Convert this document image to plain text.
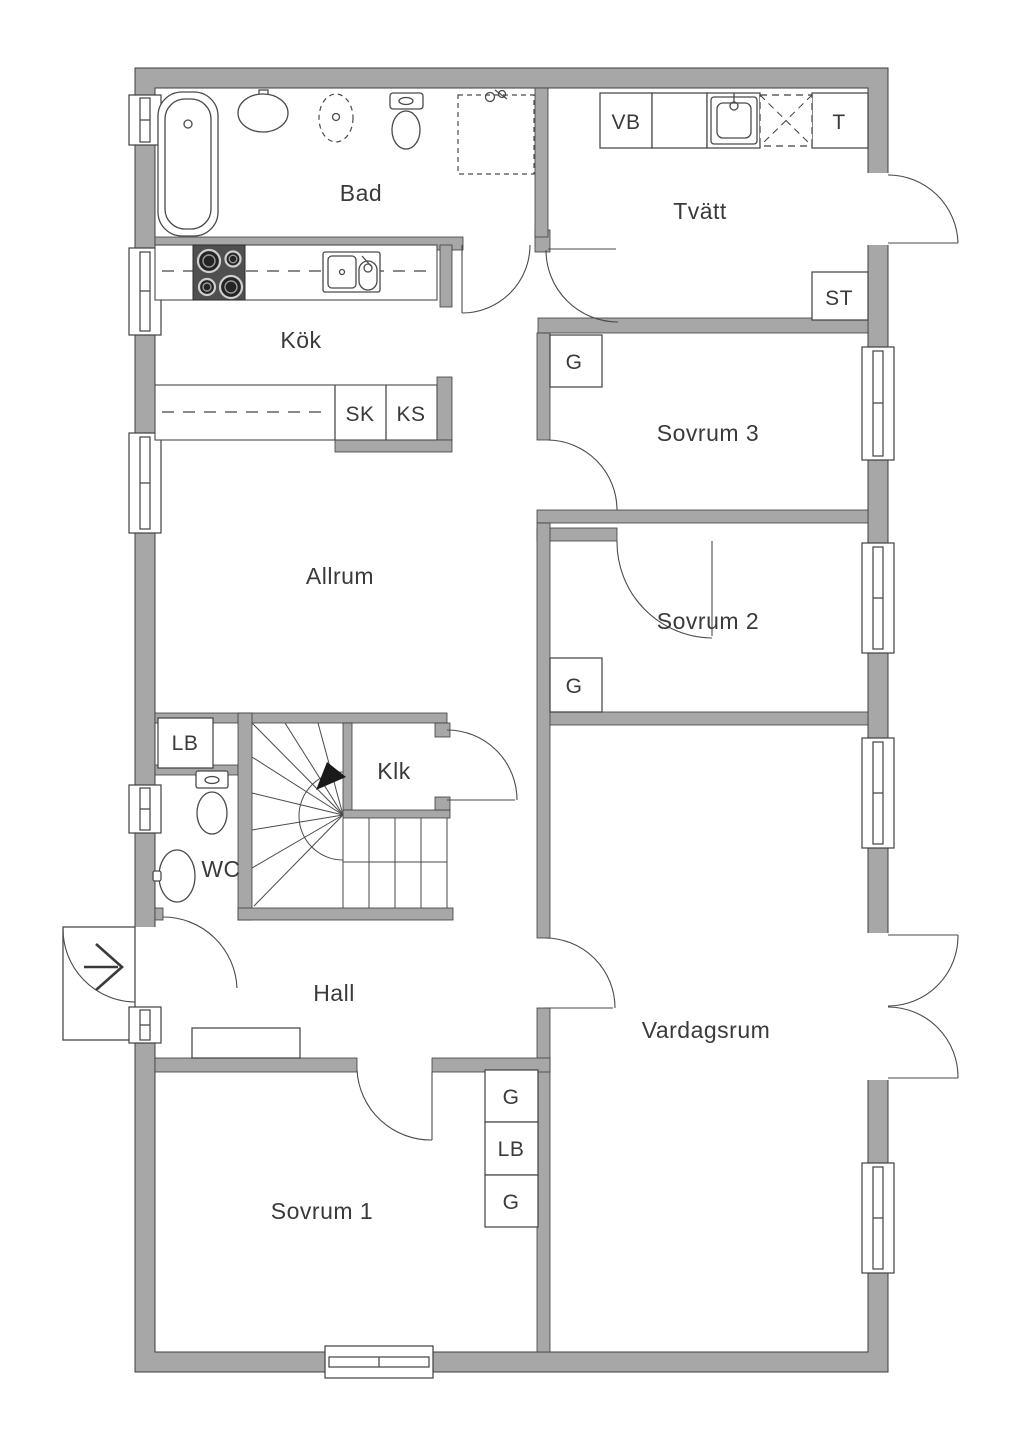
Bad
Tvätt
Kök
SK KS
VB	T
ST
G
Sovrum 3
Sovrum 2
G
Allrum
LB
WC
Klk
Hall
Vardagsrum
Sovrum 1
G
LB
G
